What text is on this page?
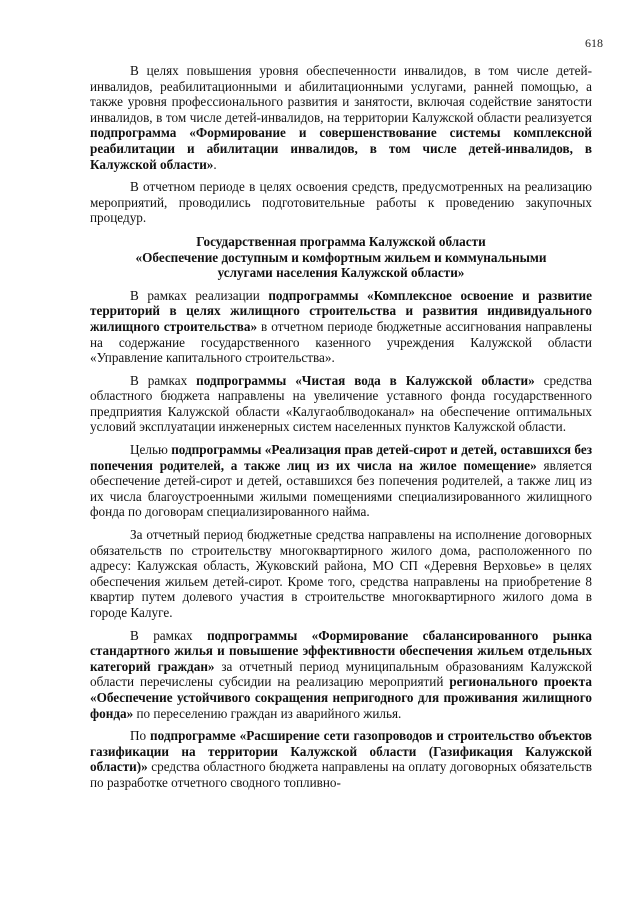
618

В целях повышения уровня обеспеченности инвалидов, в том числе детей-инвалидов, реабилитационными и абилитационными услугами, ранней помощью, а также уровня профессионального развития и занятости, включая содействие занятости инвалидов, в том числе детей-инвалидов, на территории Калужской области реализуется подпрограмма «Формирование и совершенствование системы комплексной реабилитации и абилитации инвалидов, в том числе детей-инвалидов, в Калужской области».

В отчетном периоде в целях освоения средств, предусмотренных на реализацию мероприятий, проводились подготовительные работы к проведению закупочных процедур.

Государственная программа Калужской области
«Обеспечение доступным и комфортным жильем и коммунальными
услугами населения Калужской области»

В рамках реализации подпрограммы «Комплексное освоение и развитие территорий в целях жилищного строительства и развития индивидуального жилищного строительства» в отчетном периоде бюджетные ассигнования направлены на содержание государственного казенного учреждения Калужской области «Управление капитального строительства».

В рамках подпрограммы «Чистая вода в Калужской области» средства областного бюджета направлены на увеличение уставного фонда государственного предприятия Калужской области «Калугаоблводоканал» на обеспечение оптимальных условий эксплуатации инженерных систем населенных пунктов Калужской области.

Целью подпрограммы «Реализация прав детей-сирот и детей, оставшихся без попечения родителей, а также лиц из их числа на жилое помещение» является обеспечение детей-сирот и детей, оставшихся без попечения родителей, а также лиц из их числа благоустроенными жилыми помещениями специализированного жилищного фонда по договорам специализированного найма.

За отчетный период бюджетные средства направлены на исполнение договорных обязательств по строительству многоквартирного жилого дома, расположенного по адресу: Калужская область, Жуковский района, МО СП «Деревня Верховье» в целях обеспечения жильем детей-сирот. Кроме того, средства направлены на приобретение 8 квартир путем долевого участия в строительстве многоквартирного жилого дома в городе Калуге.

В рамках подпрограммы «Формирование сбалансированного рынка стандартного жилья и повышение эффективности обеспечения жильем отдельных категорий граждан» за отчетный период муниципальным образованиям Калужской области перечислены субсидии на реализацию мероприятий регионального проекта «Обеспечение устойчивого сокращения непригодного для проживания жилищного фонда» по переселению граждан из аварийного жилья.

По подпрограмме «Расширение сети газопроводов и строительство объектов газификации на территории Калужской области (Газификация Калужской области)» средства областного бюджета направлены на оплату договорных обязательств по разработке отчетного сводного топливно-
